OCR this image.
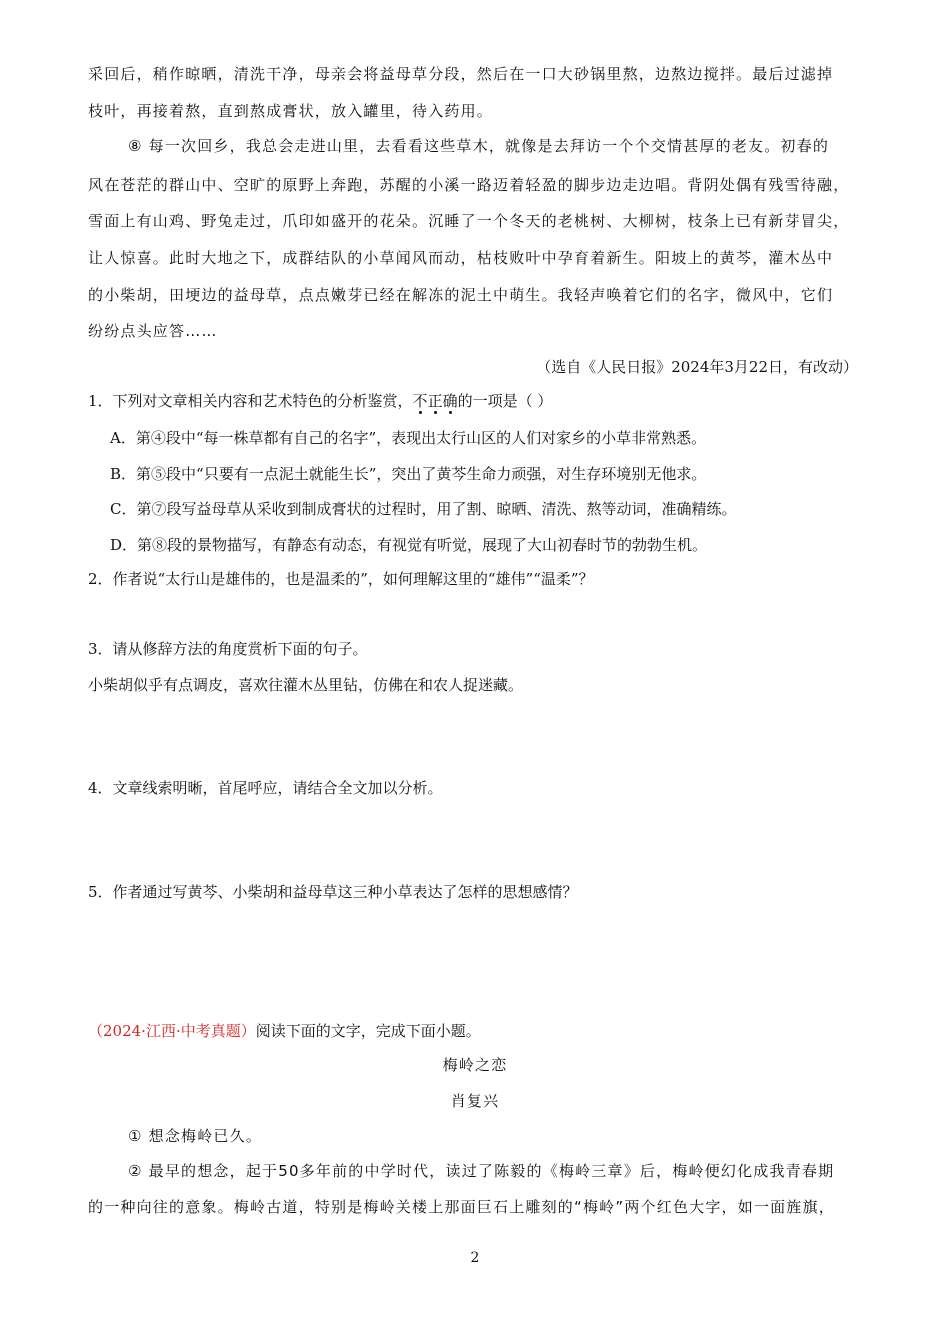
采回后，稍作晾晒，清洗干净，母亲会将益母草分段，然后在一口大砂锅里熬，边熬边搅拌。最后过滤掉
枝叶，再接着熬，直到熬成膏状，放入罐里，待入药用。
⑧ 每一次回乡，我总会走进山里，去看看这些草木，就像是去拜访一个个交情甚厚的老友。初春的
风在苍茫的群山中、空旷的原野上奔跑，苏醒的小溪一路迈着轻盈的脚步边走边唱。背阴处偶有残雪待融，
雪面上有山鸡、野兔走过，爪印如盛开的花朵。沉睡了一个冬天的老桃树、大柳树，枝条上已有新芽冒尖，
让人惊喜。此时大地之下，成群结队的小草闻风而动，枯枝败叶中孕育着新生。阳坡上的黄芩，灌木丛中
的小柴胡，田埂边的益母草，点点嫩芽已经在解冻的泥土中萌生。我轻声唤着它们的名字，微风中，它们
纷纷点头应答……
（选自《人民日报》2024年3月22日，有改动）
1．下列对文章相关内容和艺术特色的分析鉴赏，不
正
确
的一项是（ ）
A．第④段中“每一株草都有自己的名字”，表现出太行山区的人们对家乡的小草非常熟悉。
B．第⑤段中“只要有一点泥土就能生长”，突出了黄芩生命力顽强，对生存环境别无他求。
C．第⑦段写益母草从采收到制成膏状的过程时，用了割、晾晒、清洗、熬等动词，准确精练。
D．第⑧段的景物描写，有静态有动态，有视觉有听觉，展现了大山初春时节的勃勃生机。
2．作者说“太行山是雄伟的，也是温柔的”，如何理解这里的“雄伟”“温柔”？
3．请从修辞方法的角度赏析下面的句子。
小柴胡似乎有点调皮，喜欢往灌木丛里钻，仿佛在和农人捉迷藏。
4．文章线索明晰，首尾呼应，请结合全文加以分析。
5．作者通过写黄芩、小柴胡和益母草这三种小草表达了怎样的思想感情？
（2024·江西·中考真题）阅读下面的文字，完成下面小题。
梅岭之恋
肖复兴
① 想念梅岭已久。
② 最早的想念，起于50多年前的中学时代，读过了陈毅的《梅岭三章》后，梅岭便幻化成我青春期
的一种向往的意象。梅岭古道，特别是梅岭关楼上那面巨石上雕刻的“梅岭”两个红色大字，如一面旌旗，
2
